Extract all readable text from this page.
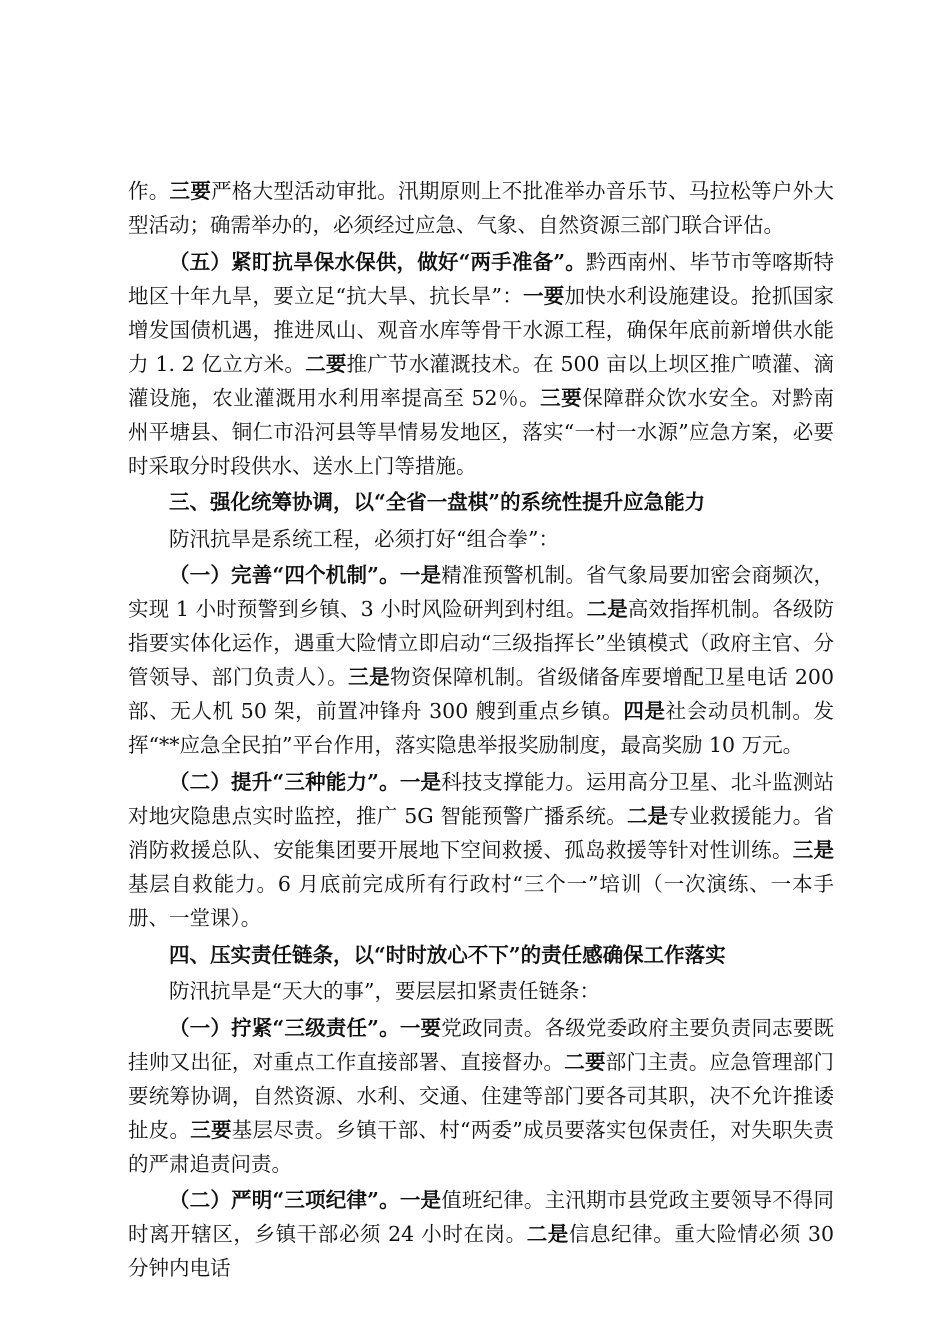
作。三要严格大型活动审批。汛期原则上不批准举办音乐节、马拉松等户外大型活动；确需举办的，必须经过应急、气象、自然资源三部门联合评估。

（五）紧盯抗旱保水保供，做好“两手准备”。黔西南州、毕节市等喀斯特地区十年九旱，要立足“抗大旱、抗长旱”：一要加快水利设施建设。抢抓国家增发国债机遇，推进凤山、观音水库等骨干水源工程，确保年底前新增供水能力 1. 2 亿立方米。二要推广节水灌溉技术。在 500 亩以上坝区推广喷灌、滴灌设施，农业灌溉用水利用率提高至 52％。三要保障群众饮水安全。对黔南州平塘县、铜仁市沿河县等旱情易发地区，落实“一村一水源”应急方案，必要时采取分时段供水、送水上门等措施。

三、强化统筹协调，以“全省一盘棋”的系统性提升应急能力

防汛抗旱是系统工程，必须打好“组合拳”：

（一）完善“四个机制”。一是精准预警机制。省气象局要加密会商频次，实现 1 小时预警到乡镇、3 小时风险研判到村组。二是高效指挥机制。各级防指要实体化运作，遇重大险情立即启动“三级指挥长”坐镇模式（政府主官、分管领导、部门负责人）。三是物资保障机制。省级储备库要增配卫星电话 200 部、无人机 50 架，前置冲锋舟 300 艘到重点乡镇。四是社会动员机制。发挥“**应急全民拍”平台作用，落实隐患举报奖励制度，最高奖励 10 万元。

（二）提升“三种能力”。一是科技支撑能力。运用高分卫星、北斗监测站对地灾隐患点实时监控，推广 5G 智能预警广播系统。二是专业救援能力。省消防救援总队、安能集团要开展地下空间救援、孤岛救援等针对性训练。三是基层自救能力。6 月底前完成所有行政村“三个一”培训（一次演练、一本手册、一堂课）。

四、压实责任链条，以“时时放心不下”的责任感确保工作落实

防汛抗旱是“天大的事”，要层层扣紧责任链条：

（一）拧紧“三级责任”。一要党政同责。各级党委政府主要负责同志要既挂帅又出征，对重点工作直接部署、直接督办。二要部门主责。应急管理部门要统筹协调，自然资源、水利、交通、住建等部门要各司其职，决不允许推诿扯皮。三要基层尽责。乡镇干部、村“两委”成员要落实包保责任，对失职失责的严肃追责问责。

（二）严明“三项纪律”。一是值班纪律。主汛期市县党政主要领导不得同时离开辖区，乡镇干部必须 24 小时在岗。二是信息纪律。重大险情必须 30 分钟内电话
